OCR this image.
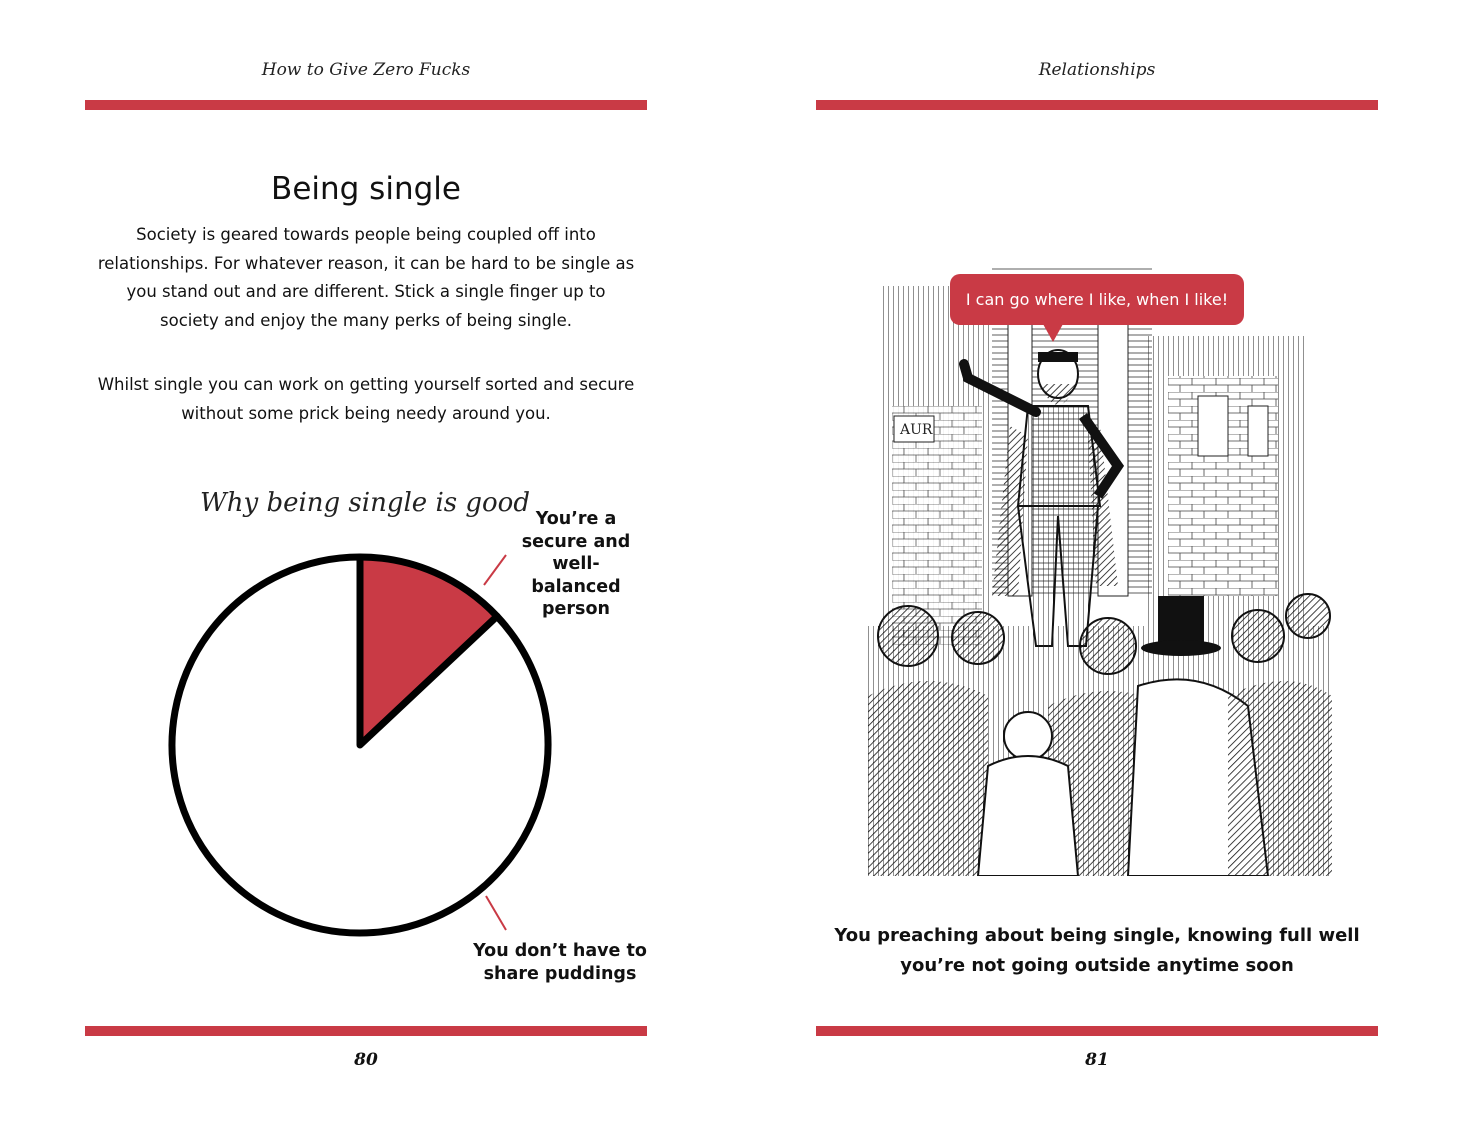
How to Give Zero Fucks
Being single

Society is geared towards people being coupled off into relationships. For whatever reason, it can be hard to be single as you stand out and are different. Stick a single finger up to society and enjoy the many perks of being single.

Whilst single you can work on getting yourself sorted and secure without some prick being needy around you.

Why being single is good
You’re a
secure and
well-balanced
person
You don’t have to
share puddings
80
Relationships
81
AUR
I can go where I like, when I like!
You preaching about being single, knowing full well
you’re not going outside anytime soon
